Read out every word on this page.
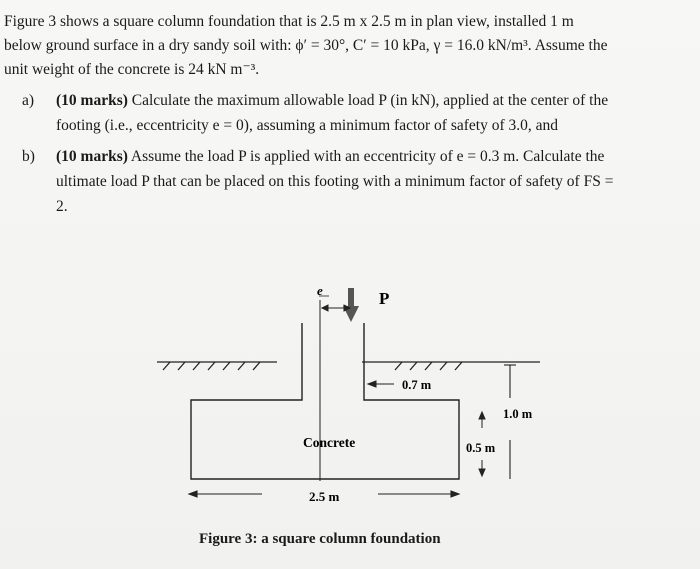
Figure 3 shows a square column foundation that is 2.5 m x 2.5 m in plan view, installed 1 m
below ground surface in a dry sandy soil with: ϕ′ = 30°, C′ = 10 kPa, γ = 16.0 kN/m³. Assume the
unit weight of the concrete is 24 kN m⁻³.
a) (10 marks) Calculate the maximum allowable load P (in kN), applied at the center of the
footing (i.e., eccentricity e = 0), assuming a minimum factor of safety of 3.0, and
b) (10 marks) Assume the load P is applied with an eccentricity of e = 0.3 m. Calculate the
ultimate load P that can be placed on this footing with a minimum factor of safety of FS =
2.
P
e
0.7 m
1.0 m
0.5 m
Concrete
2.5 m
Figure 3: a square column foundation
